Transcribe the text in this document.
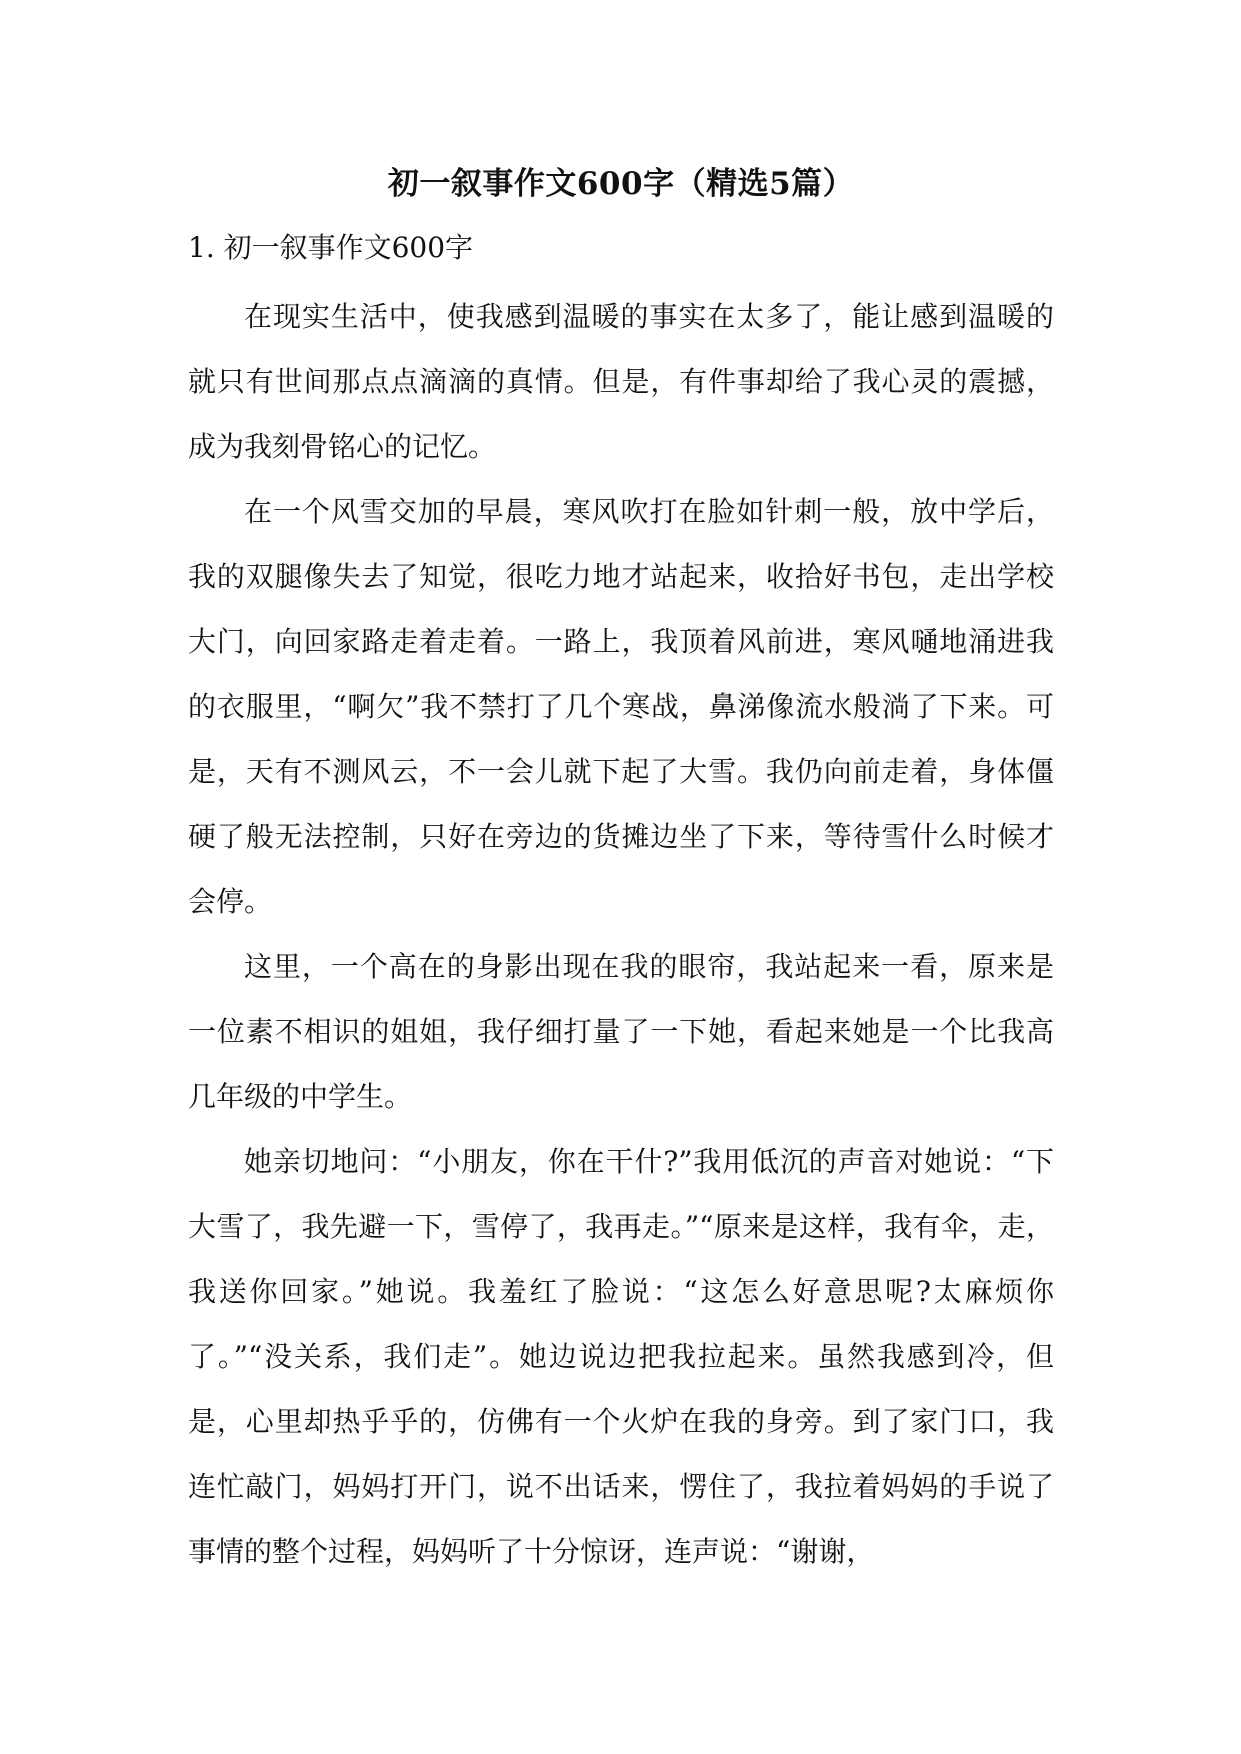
初一叙事作文600字（精选5篇）
1. 初一叙事作文600字

在现实生活中，使我感到温暖的事实在太多了，能让感到温暖的就只有世间那点点滴滴的真情。但是，有件事却给了我心灵的震撼，成为我刻骨铭心的记忆。

在一个风雪交加的早晨，寒风吹打在脸如针刺一般，放中学后，我的双腿像失去了知觉，很吃力地才站起来，收拾好书包，走出学校大门，向回家路走着走着。一路上，我顶着风前进，寒风嗵地涌进我的衣服里，“啊欠”我不禁打了几个寒战，鼻涕像流水般淌了下来。可是，天有不测风云，不一会儿就下起了大雪。我仍向前走着，身体僵硬了般无法控制，只好在旁边的货摊边坐了下来，等待雪什么时候才会停。

这里，一个高在的身影出现在我的眼帘，我站起来一看，原来是一位素不相识的姐姐，我仔细打量了一下她，看起来她是一个比我高几年级的中学生。

她亲切地问：“小朋友，你在干什?”我用低沉的声音对她说：“下大雪了，我先避一下，雪停了，我再走。”“原来是这样，我有伞，走，我送你回家。”她说。我羞红了脸说：“这怎么好意思呢?太麻烦你了。”“没关系，我们走”。她边说边把我拉起来。虽然我感到冷，但是，心里却热乎乎的，仿佛有一个火炉在我的身旁。到了家门口，我连忙敲门，妈妈打开门，说不出话来，愣住了，我拉着妈妈的手说了事情的整个过程，妈妈听了十分惊讶，连声说：“谢谢，
